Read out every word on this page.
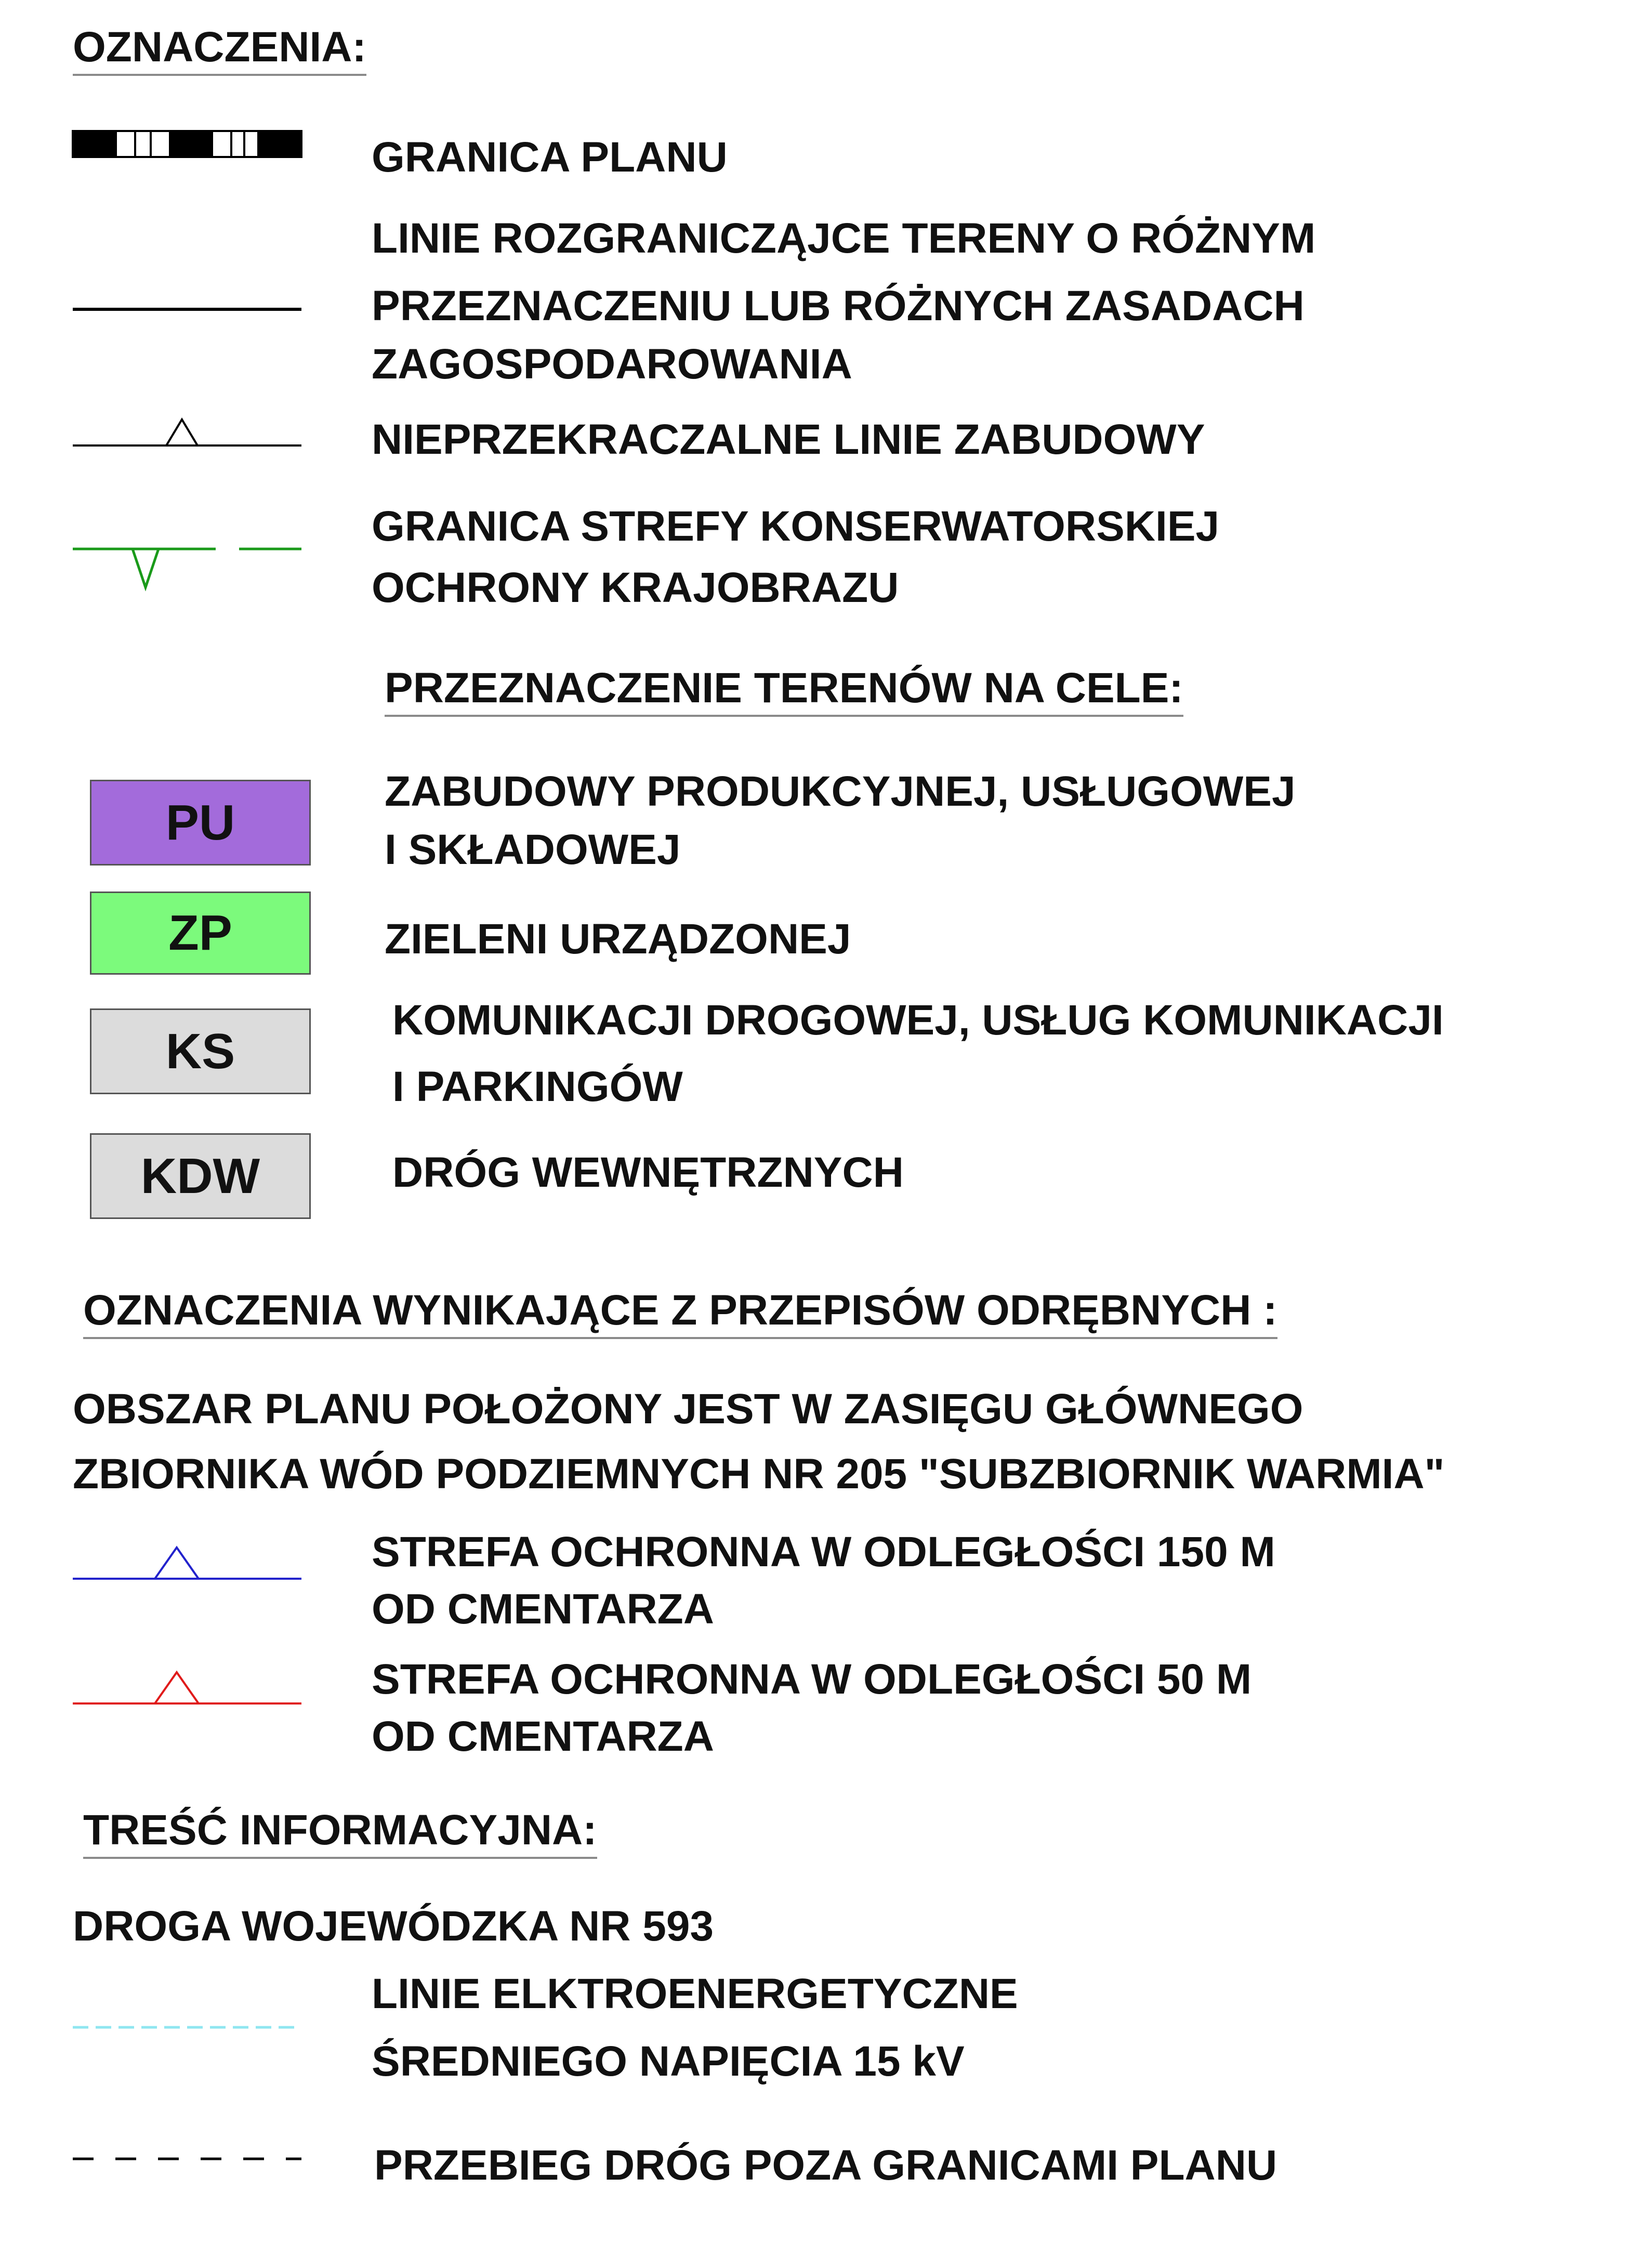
OZNACZENIA:
GRANICA PLANU
LINIE ROZGRANICZĄJCE TERENY O RÓŻNYM
PRZEZNACZENIU LUB RÓŻNYCH ZASADACH
ZAGOSPODAROWANIA
NIEPRZEKRACZALNE LINIE ZABUDOWY
GRANICA STREFY KONSERWATORSKIEJ
OCHRONY KRAJOBRAZU
PRZEZNACZENIE TERENÓW NA CELE:
PU
ZABUDOWY PRODUKCYJNEJ, USŁUGOWEJ
I SKŁADOWEJ
ZP	ZIELENI URZĄDZONEJ
KS
KOMUNIKACJI DROGOWEJ, USŁUG KOMUNIKACJI
I PARKINGÓW
KDW	DRÓG WEWNĘTRZNYCH
OZNACZENIA WYNIKAJĄCE Z PRZEPISÓW ODRĘBNYCH :
OBSZAR PLANU POŁOŻONY JEST W ZASIĘGU GŁÓWNEGO
ZBIORNIKA WÓD PODZIEMNYCH NR 205 "SUBZBIORNIK WARMIA"
STREFA OCHRONNA W ODLEGŁOŚCI 150 M
OD CMENTARZA
STREFA OCHRONNA W ODLEGŁOŚCI 50 M
OD CMENTARZA
TREŚĆ INFORMACYJNA:
DROGA WOJEWÓDZKA NR 593
LINIE ELKTROENERGETYCZNE
ŚREDNIEGO NAPIĘCIA 15 kV
PRZEBIEG DRÓG POZA GRANICAMI PLANU
